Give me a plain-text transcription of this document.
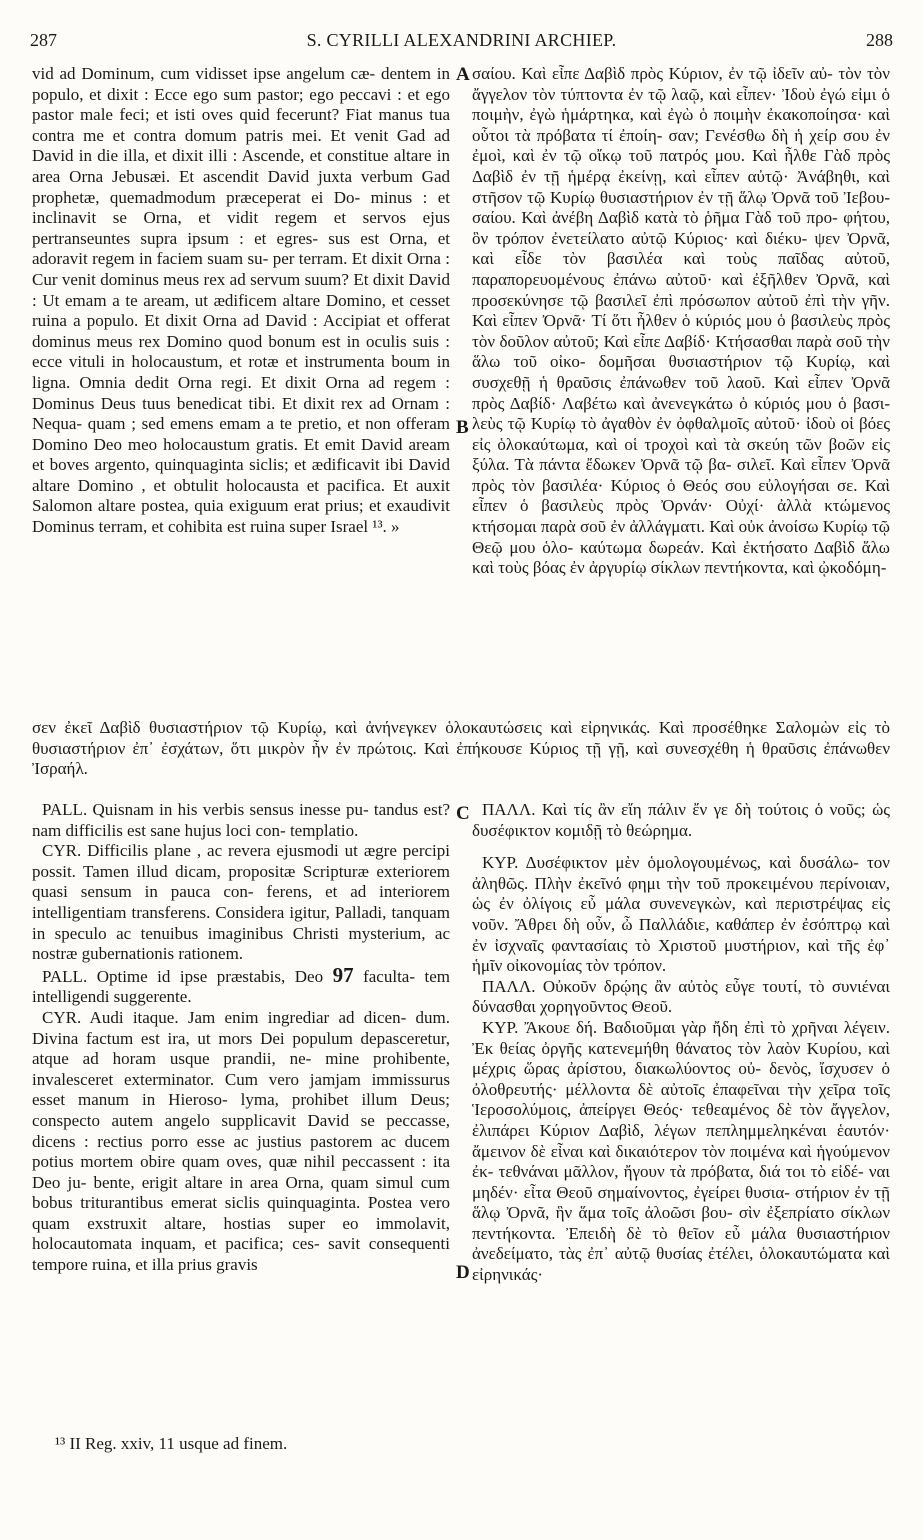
287	S. CYRILLI ALEXANDRINI ARCHIEP.	288

vid ad Dominum, cum vidisset ipse angelum cæ- dentem in populo, et dixit : Ecce ego sum pastor; ego peccavi : et ego pastor male feci; et isti oves quid fecerunt? Fiat manus tua contra me et contra domum patris mei. Et venit Gad ad David in die illa, et dixit illi : Ascende, et constitue altare in area Orna Jebusæi. Et ascendit David juxta verbum Gad prophetæ, quemadmodum præceperat ei Do- minus : et inclinavit se Orna, et vidit regem et servos ejus pertranseuntes supra ipsum : et egres- sus est Orna, et adoravit regem in faciem suam su- per terram. Et dixit Orna : Cur venit dominus meus rex ad servum suum? Et dixit David : Ut emam a te aream, ut ædificem altare Domino, et cesset ruina a populo. Et dixit Orna ad David : Accipiat et offerat dominus meus rex Domino quod bonum est in oculis suis : ecce vituli in holocaustum, et rotæ et instrumenta boum in ligna. Omnia dedit Orna regi. Et dixit Orna ad regem : Dominus Deus tuus benedicat tibi. Et dixit rex ad Ornam : Nequa- quam ; sed emens emam a te pretio, et non offeram Domino Deo meo holocaustum gratis. Et emit David aream et boves argento, quinquaginta siclis; et ædificavit ibi David altare Domino , et obtulit holocausta et pacifica. Et auxit Salomon altare postea, quia exiguum erat prius; et exaudivit Dominus terram, et cohibita est ruina super Israel ¹³. »

σαίου. Καὶ εἶπε Δαβὶδ πρὸς Κύριον, ἐν τῷ ἰδεῖν αὐ- τὸν τὸν ἄγγελον τὸν τύπτοντα ἐν τῷ λαῷ, καὶ εἶπεν· Ἰδοὺ ἐγώ εἰμι ὁ ποιμὴν, ἐγὼ ἡμάρτηκα, καὶ ἐγὼ ὁ ποιμὴν ἐκακοποίησα· καὶ οὗτοι τὰ πρόβατα τί ἐποίη- σαν; Γενέσθω δὴ ἡ χείρ σου ἐν ἐμοὶ, καὶ ἐν τῷ οἴκῳ τοῦ πατρός μου. Καὶ ἦλθε Γὰδ πρὸς Δαβὶδ ἐν τῇ ἡμέρᾳ ἐκείνῃ, καὶ εἶπεν αὐτῷ· Ἀνάβηθι, καὶ στῆσον τῷ Κυρίῳ θυσιαστήριον ἐν τῇ ἅλῳ Ὀρνᾶ τοῦ Ἰεβου- σαίου. Καὶ ἀνέβη Δαβὶδ κατὰ τὸ ῥῆμα Γὰδ τοῦ προ- φήτου, ὃν τρόπον ἐνετείλατο αὐτῷ Κύριος· καὶ διέκυ- ψεν Ὀρνᾶ, καὶ εἶδε τὸν βασιλέα καὶ τοὺς παῖδας αὐτοῦ, παραπορευομένους ἐπάνω αὐτοῦ· καὶ ἐξῆλθεν Ὀρνᾶ, καὶ προσεκύνησε τῷ βασιλεῖ ἐπὶ πρόσωπον αὐτοῦ ἐπὶ τὴν γῆν. Καὶ εἶπεν Ὀρνᾶ· Τί ὅτι ἦλθεν ὁ κύριός μου ὁ βασιλεὺς πρὸς τὸν δοῦλον αὐτοῦ; Καὶ εἶπε Δαβίδ· Κτήσασθαι παρὰ σοῦ τὴν ἅλω τοῦ οἰκο- δομῆσαι θυσιαστήριον τῷ Κυρίῳ, καὶ συσχεθῇ ἡ θραῦσις ἐπάνωθεν τοῦ λαοῦ. Καὶ εἶπεν Ὀρνᾶ πρὸς Δαβίδ· Λαβέτω καὶ ἀνενεγκάτω ὁ κύριός μου ὁ βασι- λεὺς τῷ Κυρίῳ τὸ ἀγαθὸν ἐν ὀφθαλμοῖς αὐτοῦ· ἰδοὺ οἱ βόες εἰς ὁλοκαύτωμα, καὶ οἱ τροχοὶ καὶ τὰ σκεύη τῶν βοῶν εἰς ξύλα. Τὰ πάντα ἔδωκεν Ὀρνᾶ τῷ βα- σιλεῖ. Καὶ εἶπεν Ὀρνᾶ πρὸς τὸν βασιλέα· Κύριος ὁ Θεός σου εὐλογήσαι σε. Καὶ εἶπεν ὁ βασιλεὺς πρὸς Ὀρνάν· Οὐχί· ἀλλὰ κτώμενος κτήσομαι παρὰ σοῦ ἐν ἀλλάγματι. Καὶ οὐκ ἀνοίσω Κυρίῳ τῷ Θεῷ μου ὁλο- καύτωμα δωρεάν. Καὶ ἐκτήσατο Δαβὶδ ἅλω καὶ τοὺς βόας ἐν ἀργυρίῳ σίκλων πεντήκοντα, καὶ ᾠκοδόμη-

A
B
σεν ἐκεῖ Δαβὶδ θυσιαστήριον τῷ Κυρίῳ, καὶ ἀνήνεγκεν ὁλοκαυτώσεις καὶ εἰρηνικάς. Καὶ προσέθηκε Σαλομὼν εἰς τὸ θυσιαστήριον ἐπ᾽ ἐσχάτων, ὅτι μικρὸν ἦν ἐν πρώτοις. Καὶ ἐπήκουσε Κύριος τῇ γῇ, καὶ συνεσχέθη ἡ θραῦσις ἐπάνωθεν Ἰσραήλ.
C
D

PALL. Quisnam in his verbis sensus inesse pu- tandus est? nam difficilis est sane hujus loci con- templatio.

CYR. Difficilis plane , ac revera ejusmodi ut ægre percipi possit. Tamen illud dicam, propositæ Scripturæ exteriorem quasi sensum in pauca con- ferens, et ad interiorem intelligentiam transferens. Considera igitur, Palladi, tanquam in speculo ac tenuibus imaginibus Christi mysterium, ac nostræ gubernationis rationem.

PALL. Optime id ipse præstabis, Deo 97 faculta- tem intelligendi suggerente.

CYR. Audi itaque. Jam enim ingrediar ad dicen- dum. Divina factum est ira, ut mors Dei populum depasceretur, atque ad horam usque prandii, ne- mine prohibente, invalesceret exterminator. Cum vero jamjam immissurus esset manum in Hieroso- lyma, prohibet illum Deus; conspecto autem angelo supplicavit David se peccasse, dicens : rectius porro esse ac justius pastorem ac ducem potius mortem obire quam oves, quæ nihil peccassent : ita Deo ju- bente, erigit altare in area Orna, quam simul cum bobus triturantibus emerat siclis quinquaginta. Postea vero quam exstruxit altare, hostias super eo immolavit, holocautomata inquam, et pacifica; ces- savit consequenti tempore ruina, et illa prius gravis

ΠΑΛΛ. Καὶ τίς ἂν εἴη πάλιν ἔν γε δὴ τούτοις ὁ νοῦς; ὡς δυσέφικτον κομιδῇ τὸ θεώρημα.

ΚΥΡ. Δυσέφικτον μὲν ὁμολογουμένως, καὶ δυσάλω- τον ἀληθῶς. Πλὴν ἐκεῖνό φημι τὴν τοῦ προκειμένου περίνοιαν, ὡς ἐν ὀλίγοις εὖ μάλα συνενεγκὼν, καὶ περιστρέψας εἰς νοῦν. Ἄθρει δὴ οὖν, ὦ Παλλάδιε, καθάπερ ἐν ἐσόπτρῳ καὶ ἐν ἰσχναῖς φαντασίαις τὸ Χριστοῦ μυστήριον, καὶ τῆς ἐφ᾽ ἡμῖν οἰκονομίας τὸν τρόπον.

ΠΑΛΛ. Οὐκοῦν δρῴης ἂν αὐτὸς εὖγε τουτί, τὸ συνιέναι δύνασθαι χορηγοῦντος Θεοῦ.

ΚΥΡ. Ἄκουε δή. Βαδιοῦμαι γὰρ ἤδη ἐπὶ τὸ χρῆναι λέγειν. Ἐκ θείας ὀργῆς κατενεμήθη θάνατος τὸν λαὸν Κυρίου, καὶ μέχρις ὥρας ἀρίστου, διακωλύοντος οὐ- δενὸς, ἴσχυσεν ὁ ὀλοθρευτής· μέλλοντα δὲ αὐτοῖς ἐπαφεῖναι τὴν χεῖρα τοῖς Ἱεροσολύμοις, ἀπείργει Θεός· τεθεαμένος δὲ τὸν ἄγγελον, ἐλιπάρει Κύριον Δαβὶδ, λέγων πεπλημμεληκέναι ἑαυτόν· ἄμεινον δὲ εἶναι καὶ δικαιότερον τὸν ποιμένα καὶ ἡγούμενον ἐκ- τεθνάναι μᾶλλον, ἤγουν τὰ πρόβατα, διά τοι τὸ εἰδέ- ναι μηδέν· εἶτα Θεοῦ σημαίνοντος, ἐγείρει θυσια- στήριον ἐν τῇ ἅλῳ Ὀρνᾶ, ἣν ἅμα τοῖς ἀλοῶσι βου- σὶν ἐξεπρίατο σίκλων πεντήκοντα. Ἐπειδὴ δὲ τὸ θεῖον εὖ μάλα θυσιαστήριον ἀνεδείματο, τὰς ἐπ᾽ αὐτῷ θυσίας ἐτέλει, ὁλοκαυτώματα καὶ εἰρηνικάς·

¹³ II Reg. xxiv, 11 usque ad finem.
